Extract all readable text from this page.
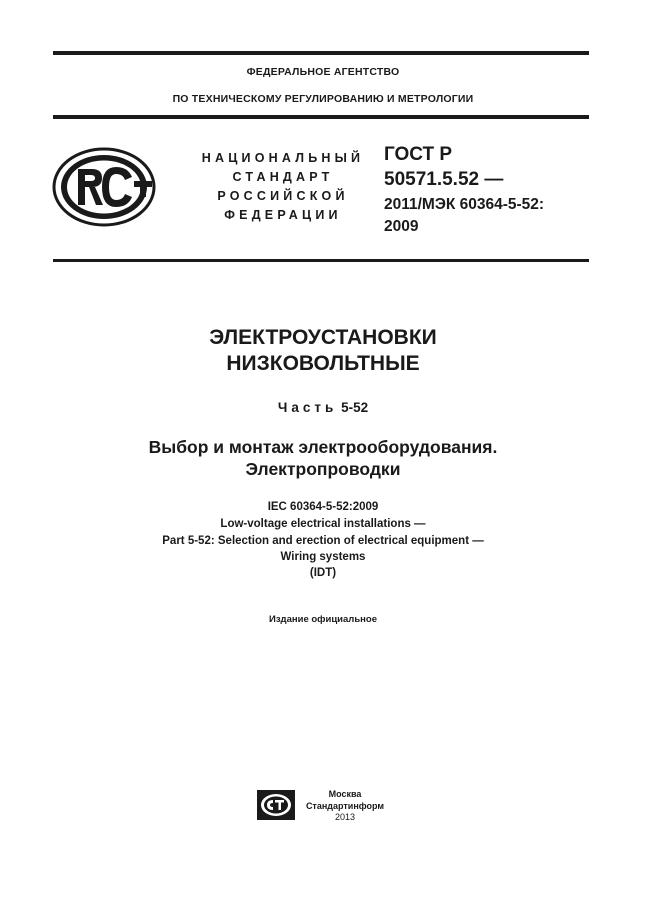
ФЕДЕРАЛЬНОЕ АГЕНТСТВО
ПО ТЕХНИЧЕСКОМУ РЕГУЛИРОВАНИЮ И МЕТРОЛОГИИ
НАЦИОНАЛЬНЫЙ
СТАНДАРТ
РОССИЙСКОЙ
ФЕДЕРАЦИИ
ГОСТ Р
50571.5.52 —
2011/МЭК 60364-5-52:
2009
ЭЛЕКТРОУСТАНОВКИ
НИЗКОВОЛЬТНЫЕ
Часть 5-52
Выбор и монтаж электрооборудования.
Электропроводки
IEC 60364-5-52:2009
Low-voltage electrical installations —
Part 5-52: Selection and erection of electrical equipment —
Wiring systems
(IDT)
Издание официальное
Москва
Стандартинформ
2013
